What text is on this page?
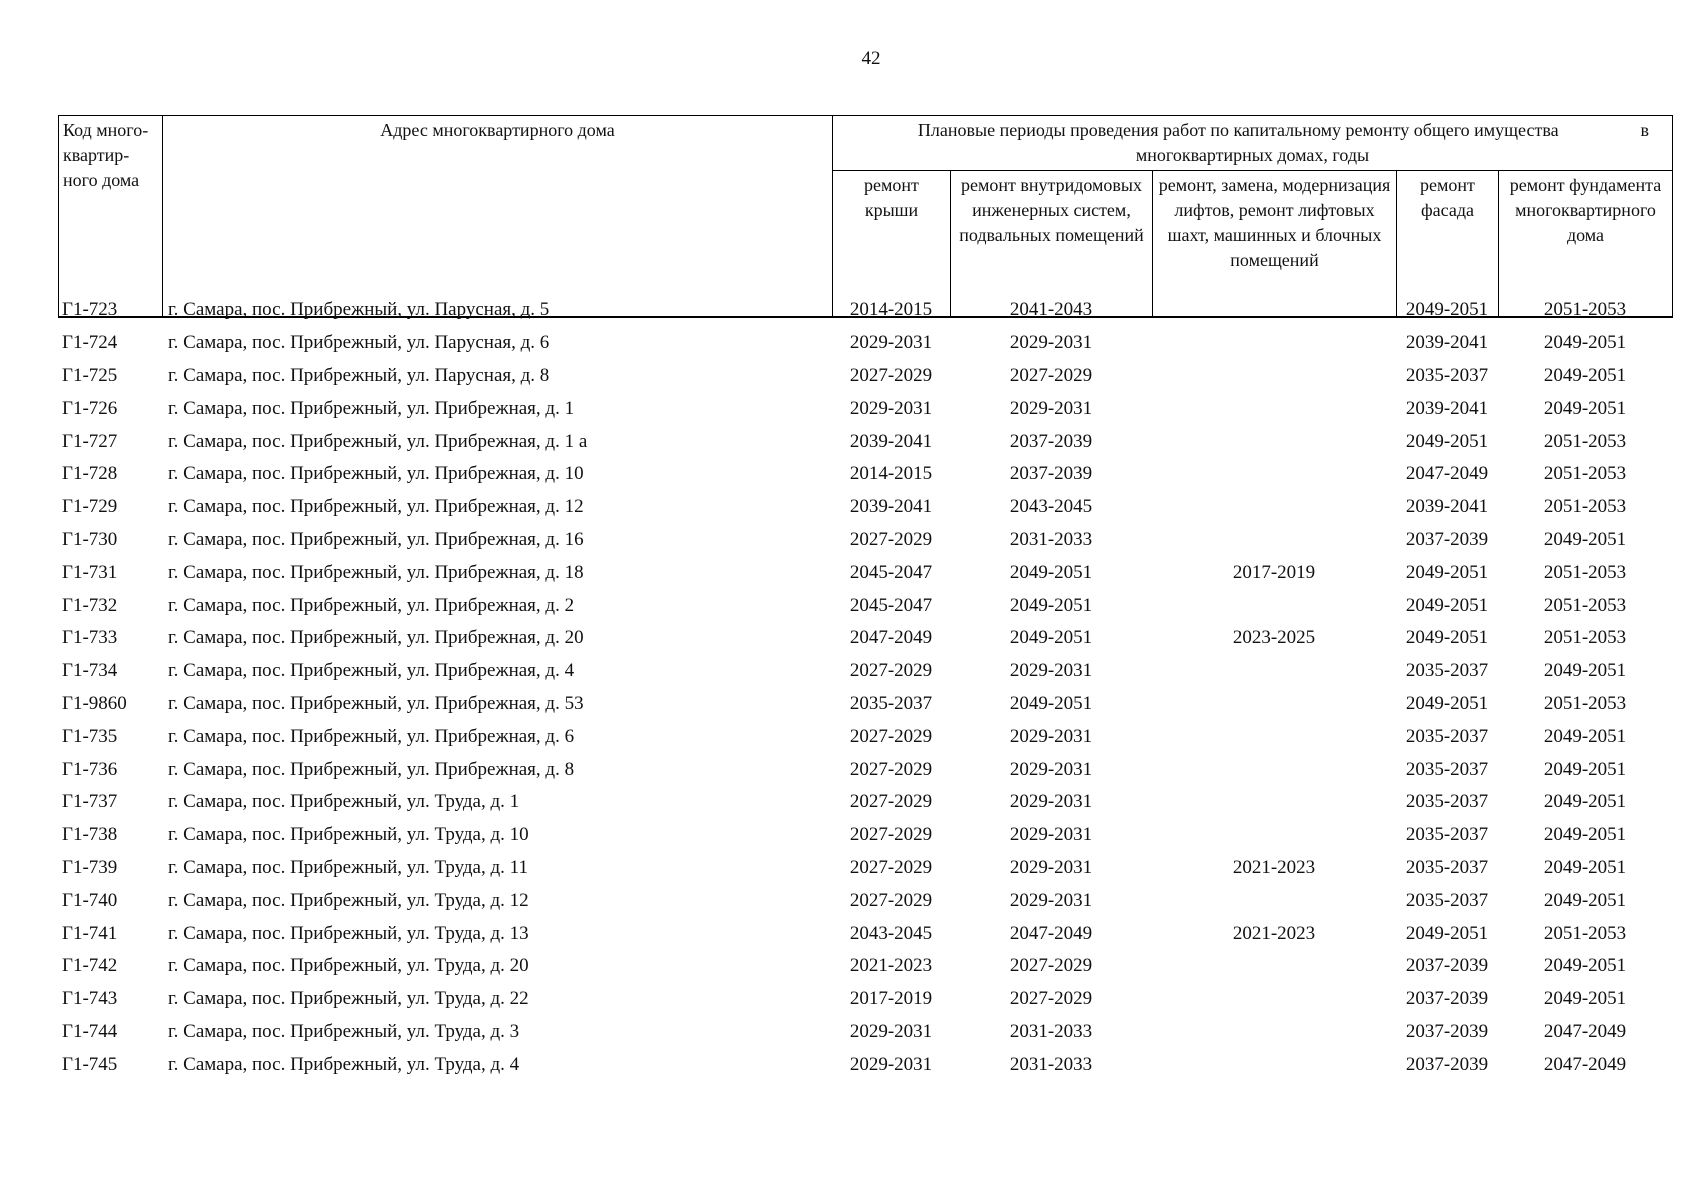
42
Код много-квартир-ного дома	Адрес многоквартирного дома	в
Плановые периоды проведения работ по капитальному ремонту общего имущества
многоквартирных домах, годы				

		ремонт крыши	ремонт внутридомовых инженерных систем, подвальных помещений	ремонт, замена, модернизация лифтов, ремонт лифтовых шахт, машинных и блочных помещений	ремонт фасада	ремонт фундамента многоквартирного дома
Г1-723	г. Самара, пос. Прибрежный, ул. Парусная, д. 5	2014-2015	2041-2043		2049-2051	2051-2053
Г1-724	г. Самара, пос. Прибрежный, ул. Парусная, д. 6	2029-2031	2029-2031		2039-2041	2049-2051
Г1-725	г. Самара, пос. Прибрежный, ул. Парусная, д. 8	2027-2029	2027-2029		2035-2037	2049-2051
Г1-726	г. Самара, пос. Прибрежный, ул. Прибрежная, д. 1	2029-2031	2029-2031		2039-2041	2049-2051
Г1-727	г. Самара, пос. Прибрежный, ул. Прибрежная, д. 1 а	2039-2041	2037-2039		2049-2051	2051-2053
Г1-728	г. Самара, пос. Прибрежный, ул. Прибрежная, д. 10	2014-2015	2037-2039		2047-2049	2051-2053
Г1-729	г. Самара, пос. Прибрежный, ул. Прибрежная, д. 12	2039-2041	2043-2045		2039-2041	2051-2053
Г1-730	г. Самара, пос. Прибрежный, ул. Прибрежная, д. 16	2027-2029	2031-2033		2037-2039	2049-2051
Г1-731	г. Самара, пос. Прибрежный, ул. Прибрежная, д. 18	2045-2047	2049-2051	2017-2019	2049-2051	2051-2053
Г1-732	г. Самара, пос. Прибрежный, ул. Прибрежная, д. 2	2045-2047	2049-2051		2049-2051	2051-2053
Г1-733	г. Самара, пос. Прибрежный, ул. Прибрежная, д. 20	2047-2049	2049-2051	2023-2025	2049-2051	2051-2053
Г1-734	г. Самара, пос. Прибрежный, ул. Прибрежная, д. 4	2027-2029	2029-2031		2035-2037	2049-2051
Г1-9860	г. Самара, пос. Прибрежный, ул. Прибрежная, д. 53	2035-2037	2049-2051		2049-2051	2051-2053
Г1-735	г. Самара, пос. Прибрежный, ул. Прибрежная, д. 6	2027-2029	2029-2031		2035-2037	2049-2051
Г1-736	г. Самара, пос. Прибрежный, ул. Прибрежная, д. 8	2027-2029	2029-2031		2035-2037	2049-2051
Г1-737	г. Самара, пос. Прибрежный, ул. Труда, д. 1	2027-2029	2029-2031		2035-2037	2049-2051
Г1-738	г. Самара, пос. Прибрежный, ул. Труда, д. 10	2027-2029	2029-2031		2035-2037	2049-2051
Г1-739	г. Самара, пос. Прибрежный, ул. Труда, д. 11	2027-2029	2029-2031	2021-2023	2035-2037	2049-2051
Г1-740	г. Самара, пос. Прибрежный, ул. Труда, д. 12	2027-2029	2029-2031		2035-2037	2049-2051
Г1-741	г. Самара, пос. Прибрежный, ул. Труда, д. 13	2043-2045	2047-2049	2021-2023	2049-2051	2051-2053
Г1-742	г. Самара, пос. Прибрежный, ул. Труда, д. 20	2021-2023	2027-2029		2037-2039	2049-2051
Г1-743	г. Самара, пос. Прибрежный, ул. Труда, д. 22	2017-2019	2027-2029		2037-2039	2049-2051
Г1-744	г. Самара, пос. Прибрежный, ул. Труда, д. 3	2029-2031	2031-2033		2037-2039	2047-2049
Г1-745	г. Самара, пос. Прибрежный, ул. Труда, д. 4	2029-2031	2031-2033		2037-2039	2047-2049
